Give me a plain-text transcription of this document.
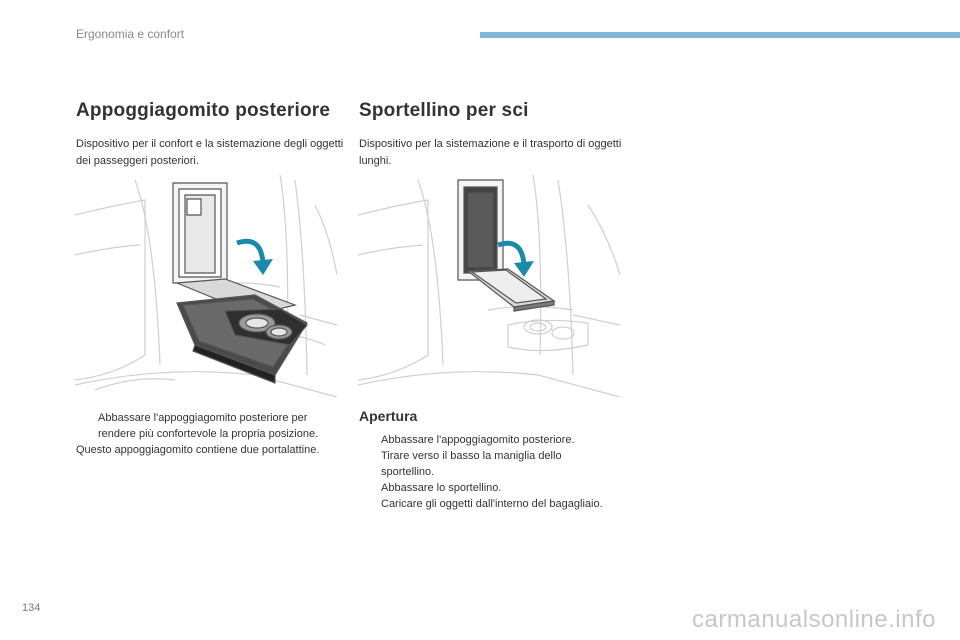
Ergonomia e confort
Appoggiagomito posteriore
Dispositivo per il confort e la sistemazione degli oggetti dei passeggeri posteriori.
Sportellino per sci
Dispositivo per la sistemazione e il trasporto di oggetti lunghi.
Abbassare l'appoggiagomito posteriore per rendere più confortevole la propria posizione.

Questo appoggiagomito contiene due portalattine.

Apertura
Abbassare l'appoggiagomito posteriore.
Tirare verso il basso la maniglia dello sportellino.
Abbassare lo sportellino.
Caricare gli oggetti dall'interno del bagagliaio.
134	carmanualsonline.info
